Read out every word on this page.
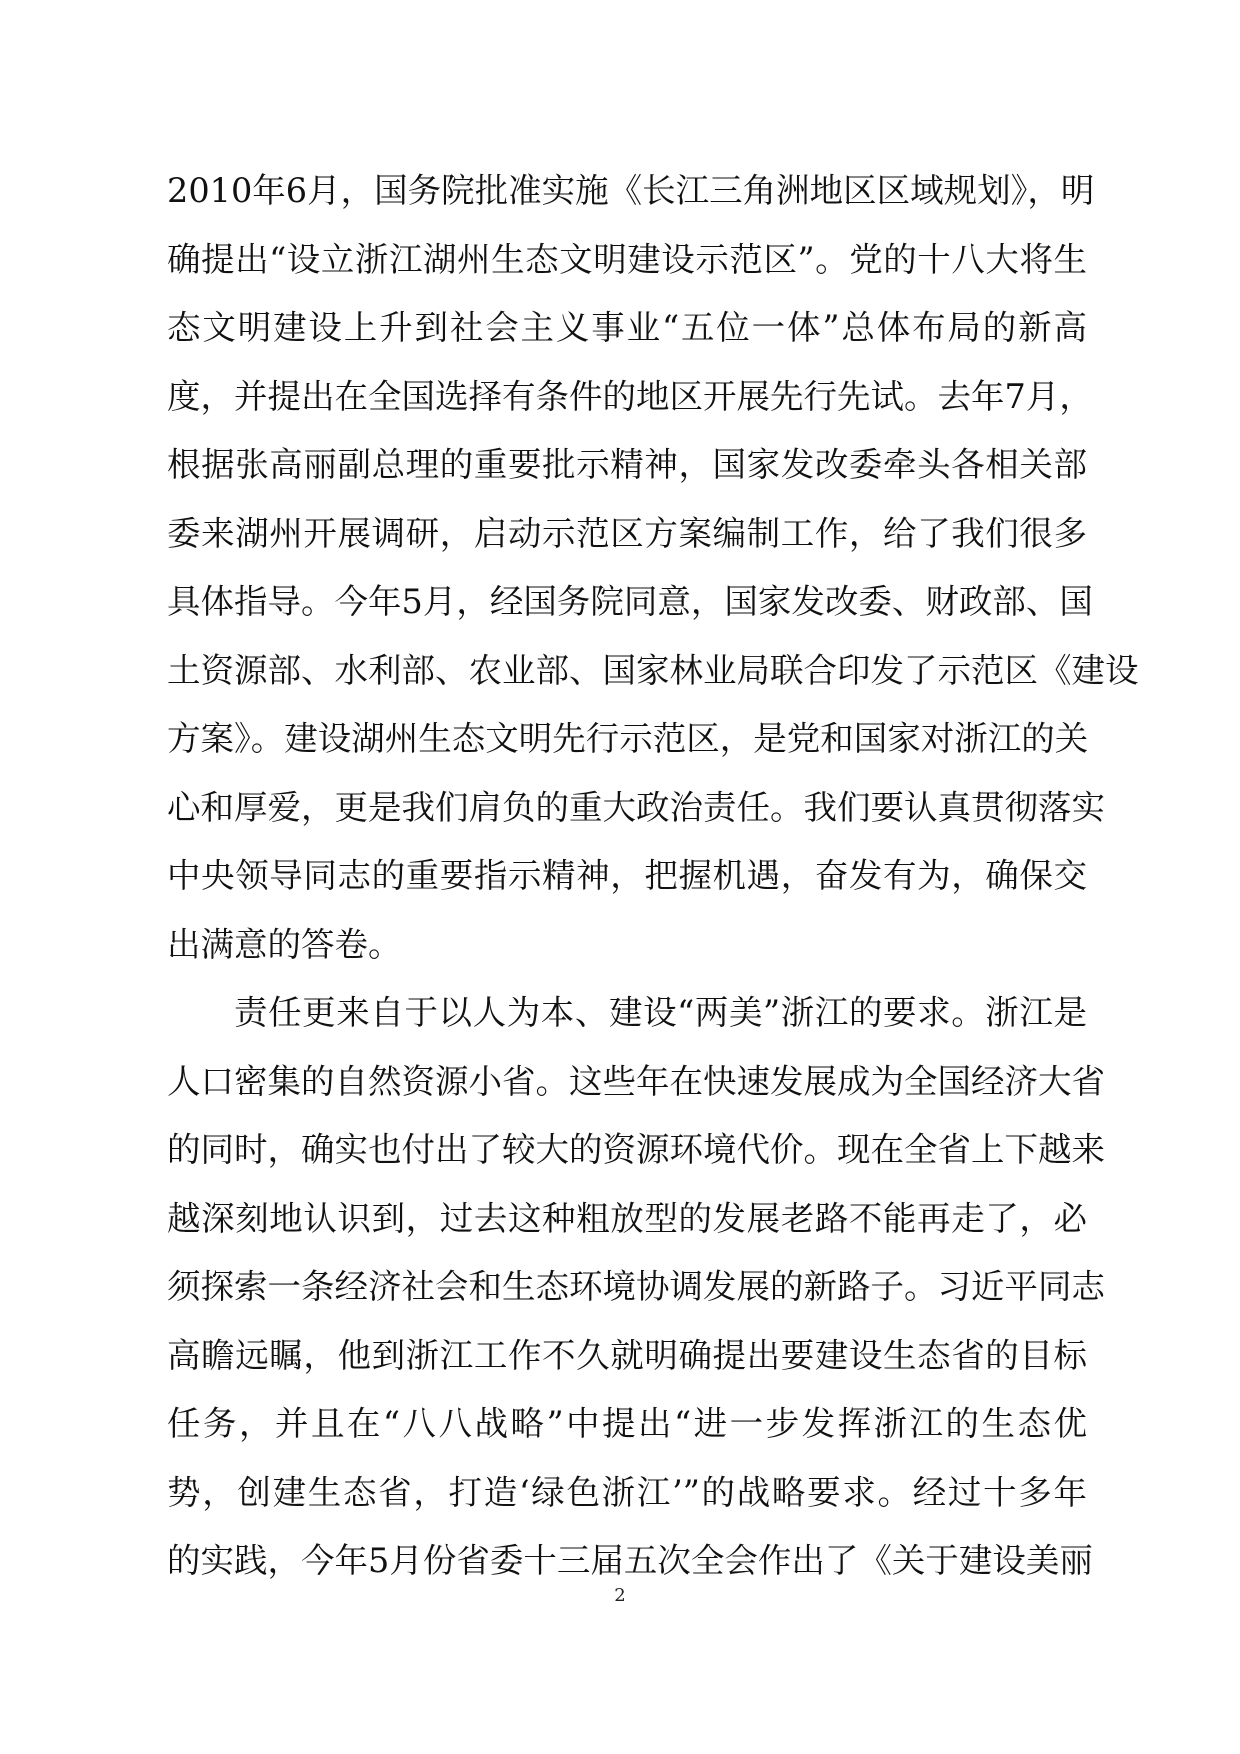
2010年6月，国务院批准实施《长江三角洲地区区域规划》，明
确提出“设立浙江湖州生态文明建设示范区”。党的十八大将生
态文明建设上升到社会主义事业“五位一体”总体布局的新高
度，并提出在全国选择有条件的地区开展先行先试。去年7月，
根据张高丽副总理的重要批示精神，国家发改委牵头各相关部
委来湖州开展调研，启动示范区方案编制工作，给了我们很多
具体指导。今年5月，经国务院同意，国家发改委、财政部、国
土资源部、水利部、农业部、国家林业局联合印发了示范区《建设
方案》。建设湖州生态文明先行示范区，是党和国家对浙江的关
心和厚爱，更是我们肩负的重大政治责任。我们要认真贯彻落实
中央领导同志的重要指示精神，把握机遇，奋发有为，确保交
出满意的答卷。
责任更来自于以人为本、建设“两美”浙江的要求。浙江是
人口密集的自然资源小省。这些年在快速发展成为全国经济大省
的同时，确实也付出了较大的资源环境代价。现在全省上下越来
越深刻地认识到，过去这种粗放型的发展老路不能再走了，必
须探索一条经济社会和生态环境协调发展的新路子。习近平同志
高瞻远瞩，他到浙江工作不久就明确提出要建设生态省的目标
任务，并且在“八八战略”中提出“进一步发挥浙江的生态优
势，创建生态省，打造‘绿色浙江’”的战略要求。经过十多年
的实践，今年5月份省委十三届五次全会作出了《关于建设美丽
2
